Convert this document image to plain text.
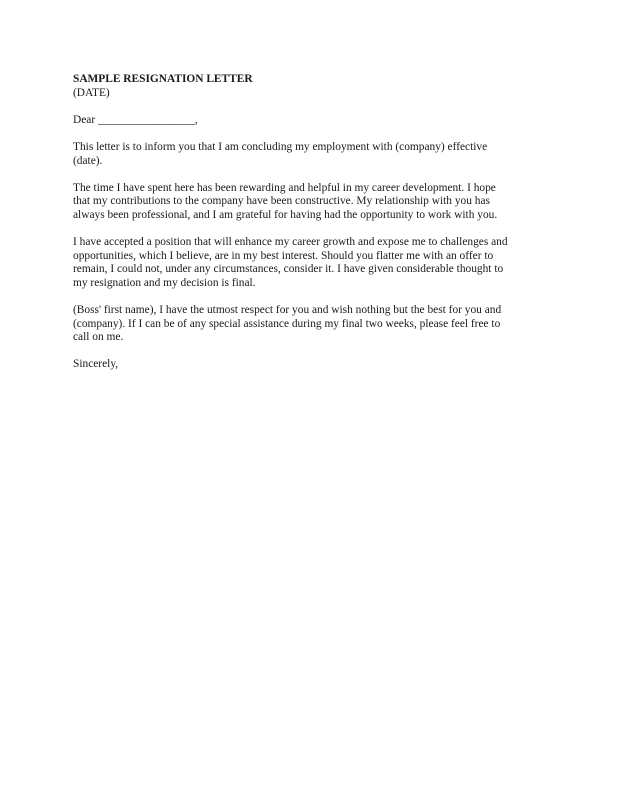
SAMPLE RESIGNATION LETTER

(DATE)

Dear _________________,

This letter is to inform you that I am concluding my employment with (company) effective
(date).

The time I have spent here has been rewarding and helpful in my career development. I hope
that my contributions to the company have been constructive. My relationship with you has
always been professional, and I am grateful for having had the opportunity to work with you.

I have accepted a position that will enhance my career growth and expose me to challenges and
opportunities, which I believe, are in my best interest. Should you flatter me with an offer to
remain, I could not, under any circumstances, consider it. I have given considerable thought to
my resignation and my decision is final.

(Boss' first name), I have the utmost respect for you and wish nothing but the best for you and
(company). If I can be of any special assistance during my final two weeks, please feel free to
call on me.

Sincerely,
